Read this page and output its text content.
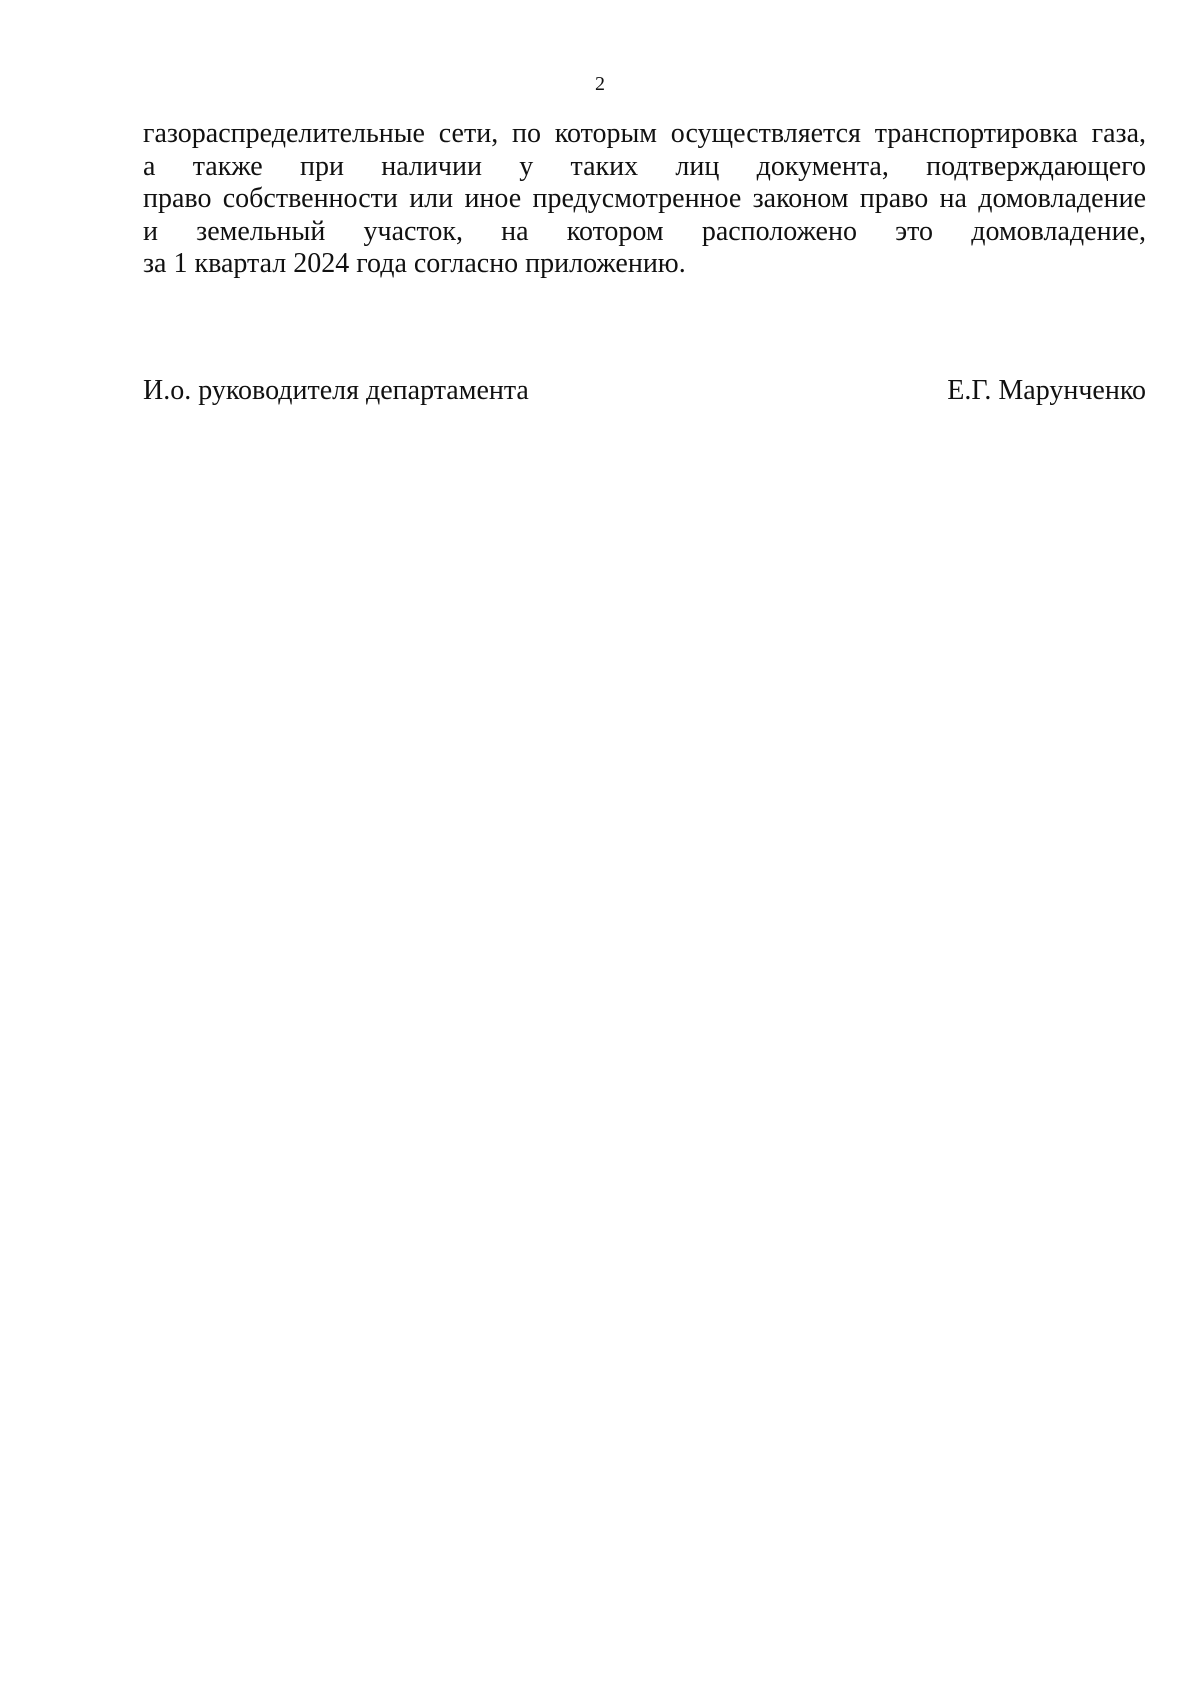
2
газораспределительные сети, по которым осуществляется транспортировка газа,
а также при наличии у таких лиц документа, подтверждающего
право собственности или иное предусмотренное законом право на домовладение
и земельный участок, на котором расположено это домовладение,
за 1 квартал 2024 года согласно приложению.
И.о. руководителя департамента	Е.Г. Марунченко
